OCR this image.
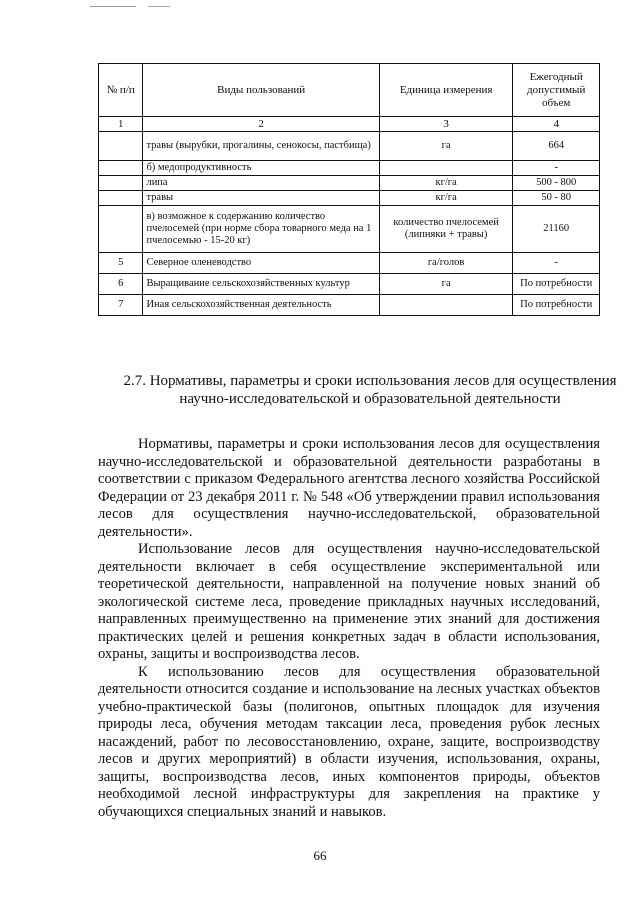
№ п/п	Виды пользований	Единица измерения	Ежегодный допустимый объем
1	2	3	4
	травы (вырубки, прогалины, сенокосы, пастбища)	га	664
	б) медопродуктивность		-
	липа	кг/га	500 - 800
	травы	кг/га	50 - 80
	в) возможное к содержанию количество пчелосемей (при норме сбора товарного меда на 1 пчелосемью - 15-20 кг)	количество пчелосемей (липняки + травы)	21160
5	Северное оленеводство	га/голов	-
6	Выращивание сельскохозяйственных культур	га	По потребности
7	Иная сельскохозяйственная деятельность		По потребности
2.7. Нормативы, параметры и сроки использования лесов для осуществления научно-исследовательской и образовательной деятельности

Нормативы, параметры и сроки использования лесов для осуществления научно-исследовательской и образовательной деятельности разработаны в соответствии с приказом Федерального агентства лесного хозяйства Российской Федерации от 23 декабря 2011 г. № 548 «Об утверждении правил использования лесов для осуществления научно-исследовательской, образовательной деятельности».

Использование лесов для осуществления научно-исследовательской деятельности включает в себя осуществление экспериментальной или теоретической деятельности, направленной на получение новых знаний об экологической системе леса, проведение прикладных научных исследований, направленных преимущественно на применение этих знаний для достижения практических целей и решения конкретных задач в области использования, охраны, защиты и воспроизводства лесов.

К использованию лесов для осуществления образовательной деятельности относится создание и использование на лесных участках объектов учебно-практической базы (полигонов, опытных площадок для изучения природы леса, обучения методам таксации леса, проведения рубок лесных насаждений, работ по лесовосстановлению, охране, защите, воспроизводству лесов и других мероприятий) в области изучения, использования, охраны, защиты, воспроизводства лесов, иных компонентов природы, объектов необходимой лесной инфраструктуры для закрепления на практике у обучающихся специальных знаний и навыков.

66
